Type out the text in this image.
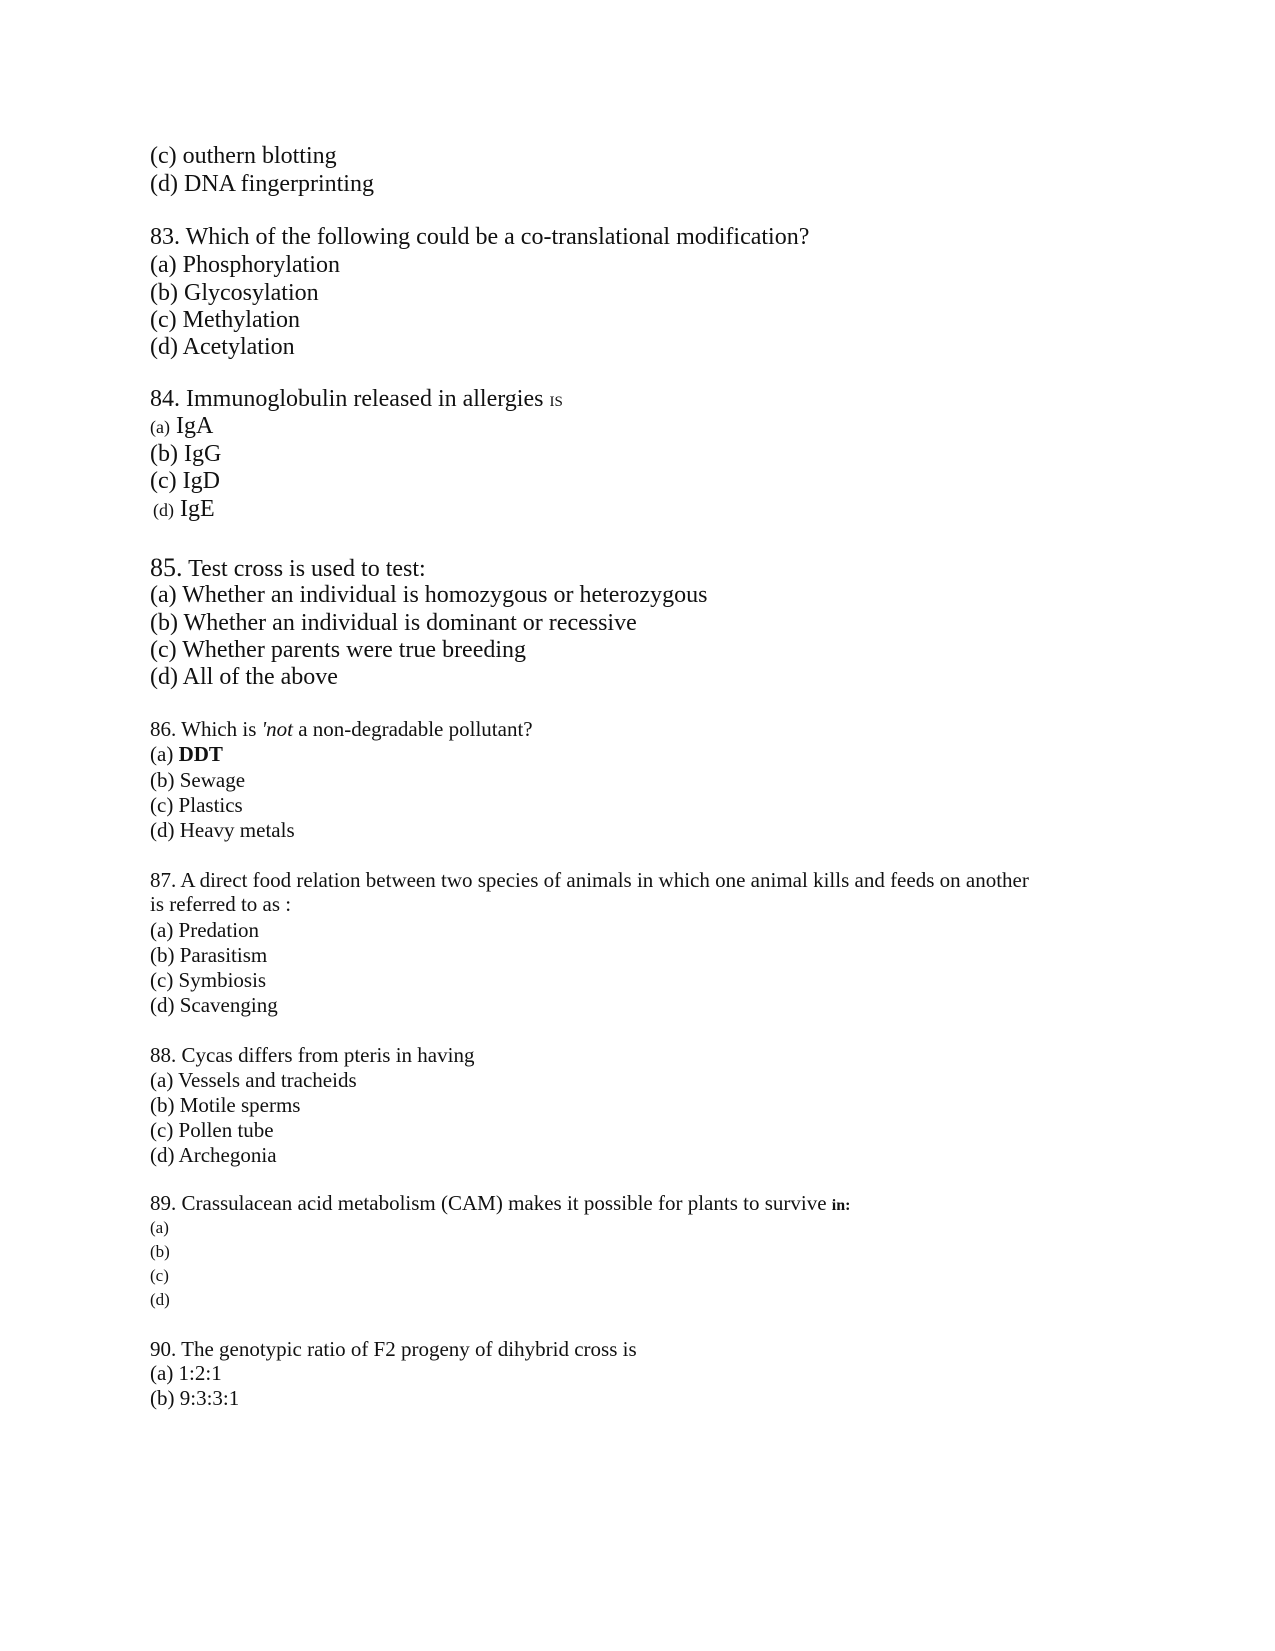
(c) outhern blotting
(d) DNA fingerprinting
83. Which of the following could be a co-translational modification?
(a) Phosphorylation
(b) Glycosylation
(c) Methylation
(d) Acetylation
84. Immunoglobulin released in allergies IS
(a) IgA
(b) IgG
(c) IgD
(d) IgE
85. Test cross is used to test:
(a) Whether an individual is homozygous or heterozygous
(b) Whether an individual is dominant or recessive
(c) Whether parents were true breeding
(d) All of the above
86. Which is 'not a non-degradable pollutant?
(a) DDT
(b) Sewage
(c) Plastics
(d) Heavy metals
87. A direct food relation between two species of animals in which one animal kills and feeds on another
is referred to as :
(a) Predation
(b) Parasitism
(c) Symbiosis
(d) Scavenging
88. Cycas differs from pteris in having
(a) Vessels and tracheids
(b) Motile sperms
(c) Pollen tube
(d) Archegonia
89. Crassulacean acid metabolism (CAM) makes it possible for plants to survive in:
(a)
(b)
(c)
(d)
90. The genotypic ratio of F2 progeny of dihybrid cross is
(a) 1:2:1
(b) 9:3:3:1
